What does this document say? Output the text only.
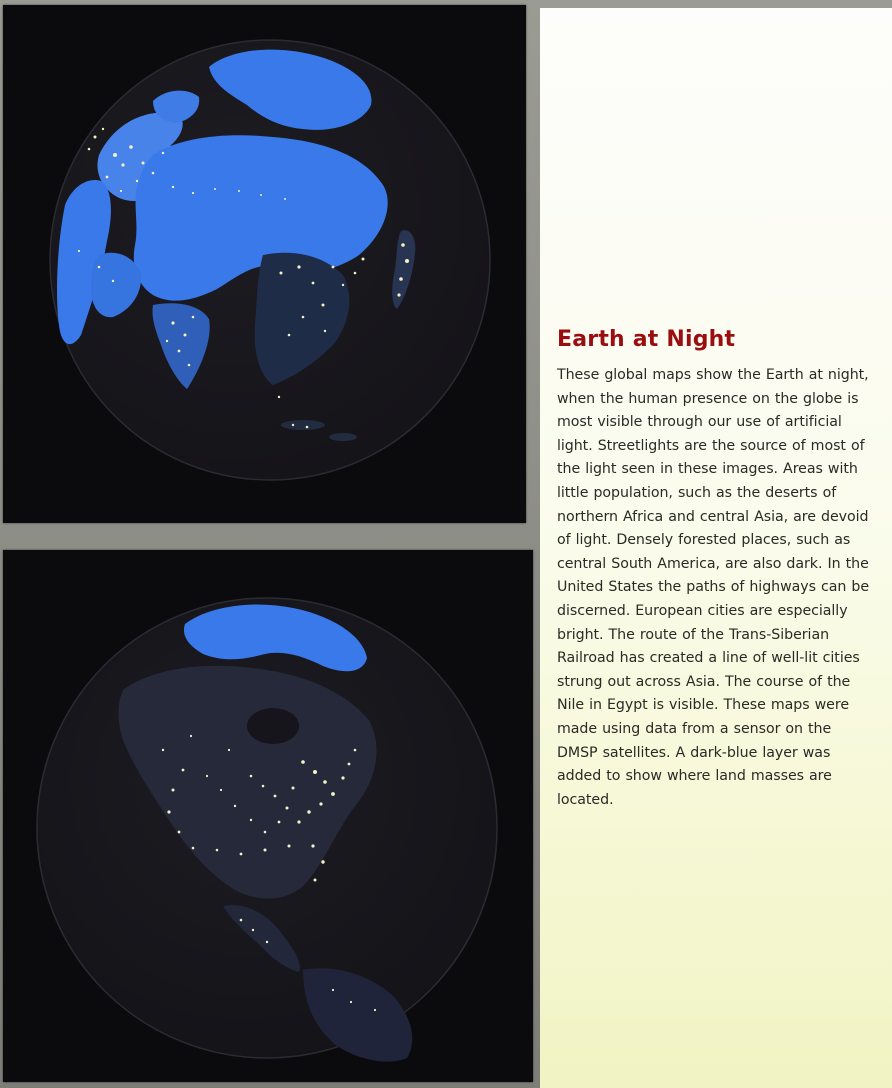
Earth at Night

These global maps show the Earth at night, when the human presence on the globe is most visible through our use of artificial light. Streetlights are the source of most of the light seen in these images. Areas with little population, such as the deserts of northern Africa and central Asia, are devoid of light. Densely forested places, such as central South America, are also dark. In the United States the paths of highways can be discerned. European cities are especially bright. The route of the Trans-Siberian Railroad has created a line of well-lit cities strung out across Asia. The course of the Nile in Egypt is visible. These maps were made using data from a sensor on the DMSP satellites. A dark-blue layer was added to show where land masses are located.
